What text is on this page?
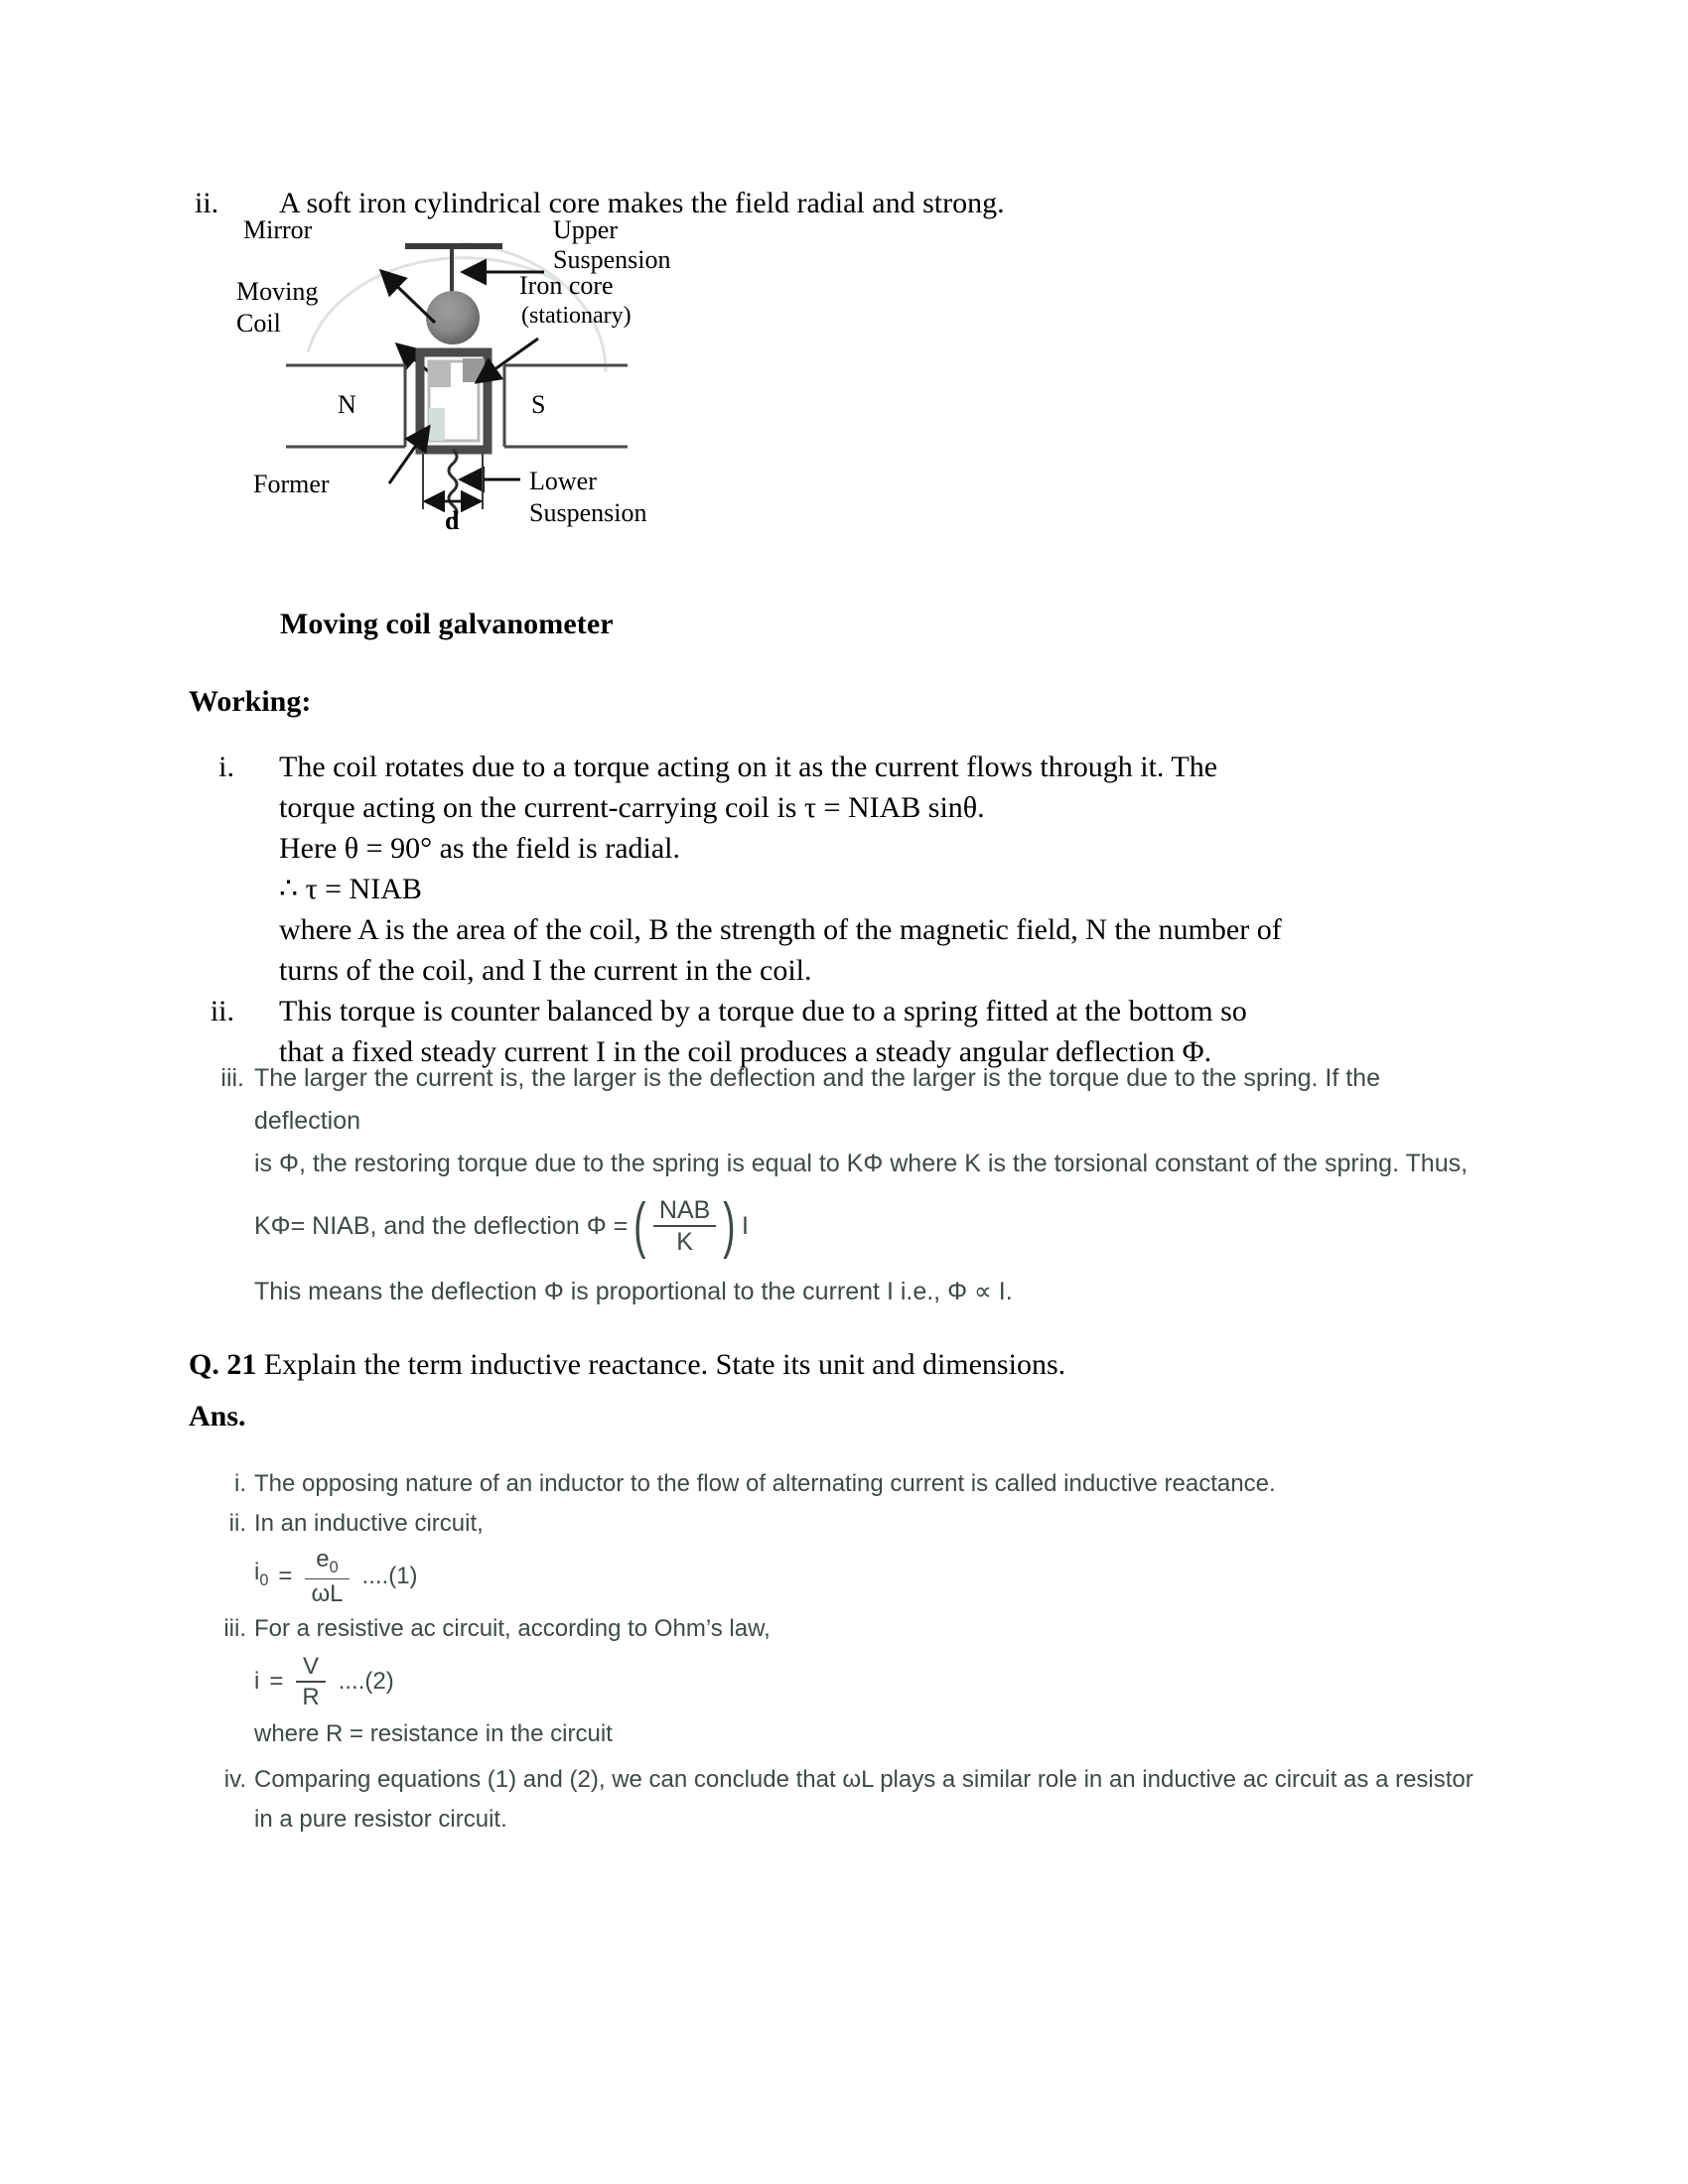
ii.	A soft iron cylindrical core makes the field radial and strong.
Mirror
Moving
Coil
Upper
Suspension
Iron core
(stationary)
N	S
Former	Lower
Suspension
d
Moving coil galvanometer
Working:
i. The coil rotates due to a torque acting on it as the current flows through it. The

torque acting on the current-carrying coil is τ = NIAB sinθ.

Here θ = 90° as the field is radial.

∴ τ = NIAB

where A is the area of the coil, B the strength of the magnetic field, N the number of

turns of the coil, and I the current in the coil.

ii. This torque is counter balanced by a torque due to a spring fitted at the bottom so

that a fixed steady current I in the coil produces a steady angular deflection Φ.

iii. The larger the current is, the larger is the deflection and the larger is the torque due to the spring. If the deflection
is Φ, the restoring torque due to the spring is equal to KΦ where K is the torsional constant of the spring. Thus,
KΦ= NIAB, and the deflection Φ = ( $\frac{\text{NAB}}{K}$ ) I
This means the deflection Φ is proportional to the current I i.e., Φ ∝ I.
Q. 21 Explain the term inductive reactance. State its unit and dimensions.
Ans.
i. The opposing nature of an inductor to the flow of alternating current is called inductive reactance.
ii. In an inductive circuit,
$i_0 = \frac{e_0}{\omega L} ....(1)$
iii. For a resistive ac circuit, according to Ohm’s law,
$i = \frac{V}{R} ....(2)$
where R = resistance in the circuit
iv. Comparing equations (1) and (2), we can conclude that ωL plays a similar role in an inductive ac circuit as a resistor
in a pure resistor circuit.
